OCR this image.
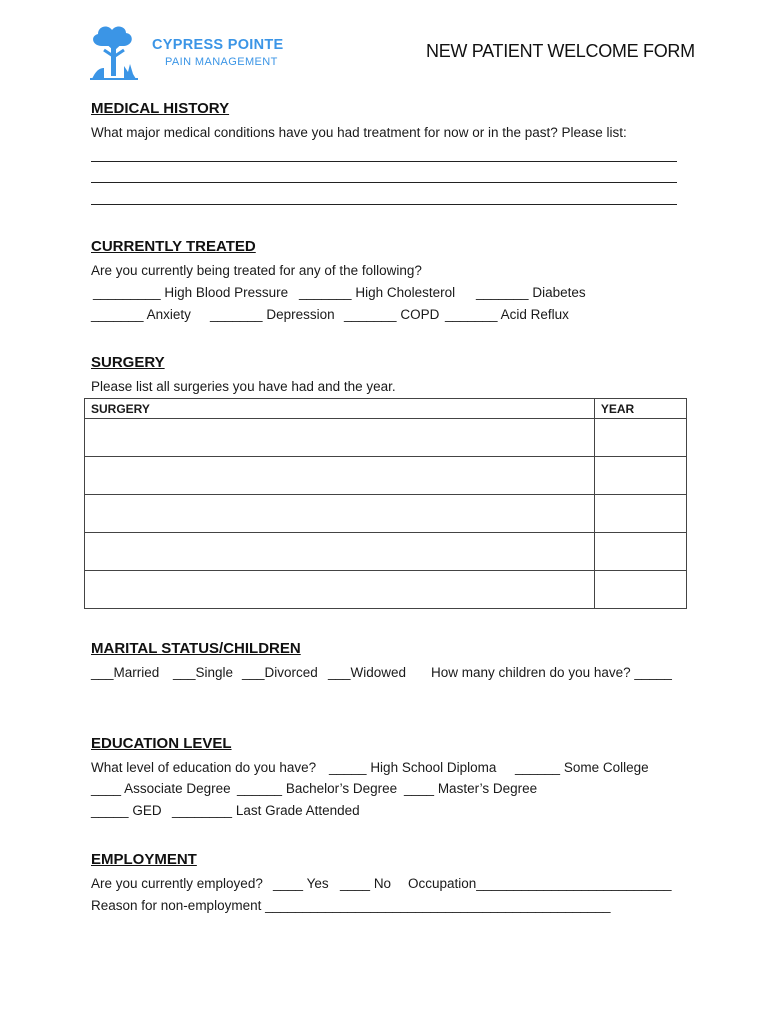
CYPRESS POINTE
PAIN MANAGEMENT
NEW PATIENT WELCOME FORM
MEDICAL HISTORY
What major medical conditions have you had treatment for now or in the past? Please list:
CURRENTLY TREATED
Are you currently being treated for any of the following?
_________ High Blood Pressure _______ High Cholesterol _______ Diabetes
_______ Anxiety _______ Depression _______ COPD _______ Acid Reflux
SURGERY
Please list all surgeries you have had and the year.
SURGERY	YEAR

MARITAL STATUS/CHILDREN
___Married ___Single ___Divorced ___Widowed How many children do you have? _____
EDUCATION LEVEL
What level of education do you have? _____ High School Diploma ______ Some College
____ Associate Degree ______ Bachelor’s Degree ____ Master’s Degree
_____ GED ________ Last Grade Attended
EMPLOYMENT
Are you currently employed? ____ Yes ____ No Occupation__________________________
Reason for non-employment ______________________________________________
